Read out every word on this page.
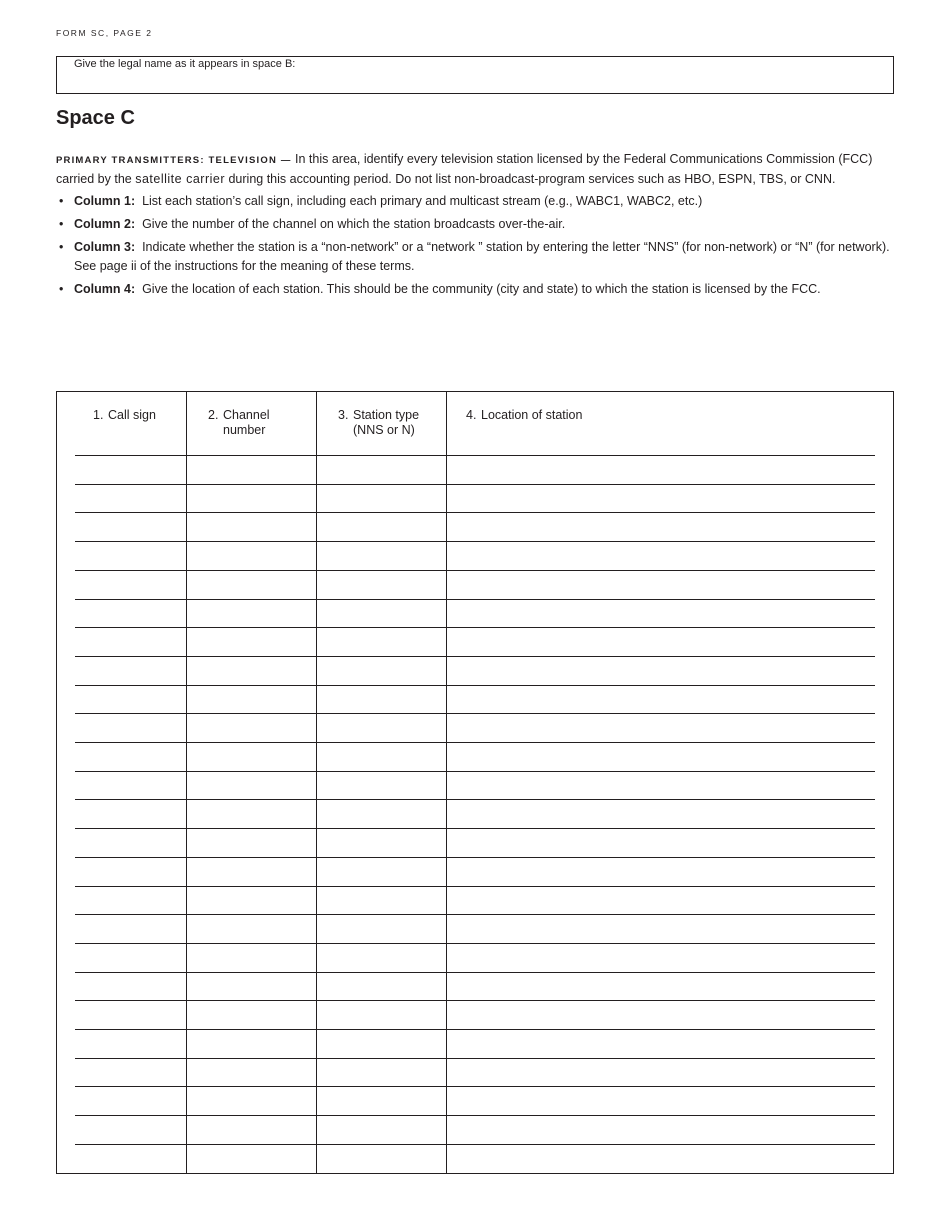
FORM SC, PAGE 2
Give the legal name as it appears in space B:
Space C

PRIMARY TRANSMITTERS: TELEVISION — In this area, identify every television station licensed by the Federal Communications Commission (FCC) carried by the satellite carrier during this accounting period. Do not list non-broadcast-program services such as HBO, ESPN, TBS, or CNN.

• Column 1: List each station’s call sign, including each primary and multicast stream (e.g., WABC1, WABC2, etc.)
• Column 2: Give the number of the channel on which the station broadcasts over-the-air.
• Column 3: Indicate whether the station is a “non-network” or a “network ” station by entering the letter “NNS” (for non-network) or “N” (for network). See page ii of the instructions for the meaning of these terms.
• Column 4: Give the location of each station. This should be the community (city and state) to which the station is licensed by the FCC.
1. Call sign	2. Channel
number
3. Station type
(NNS or N)
4. Location of station
